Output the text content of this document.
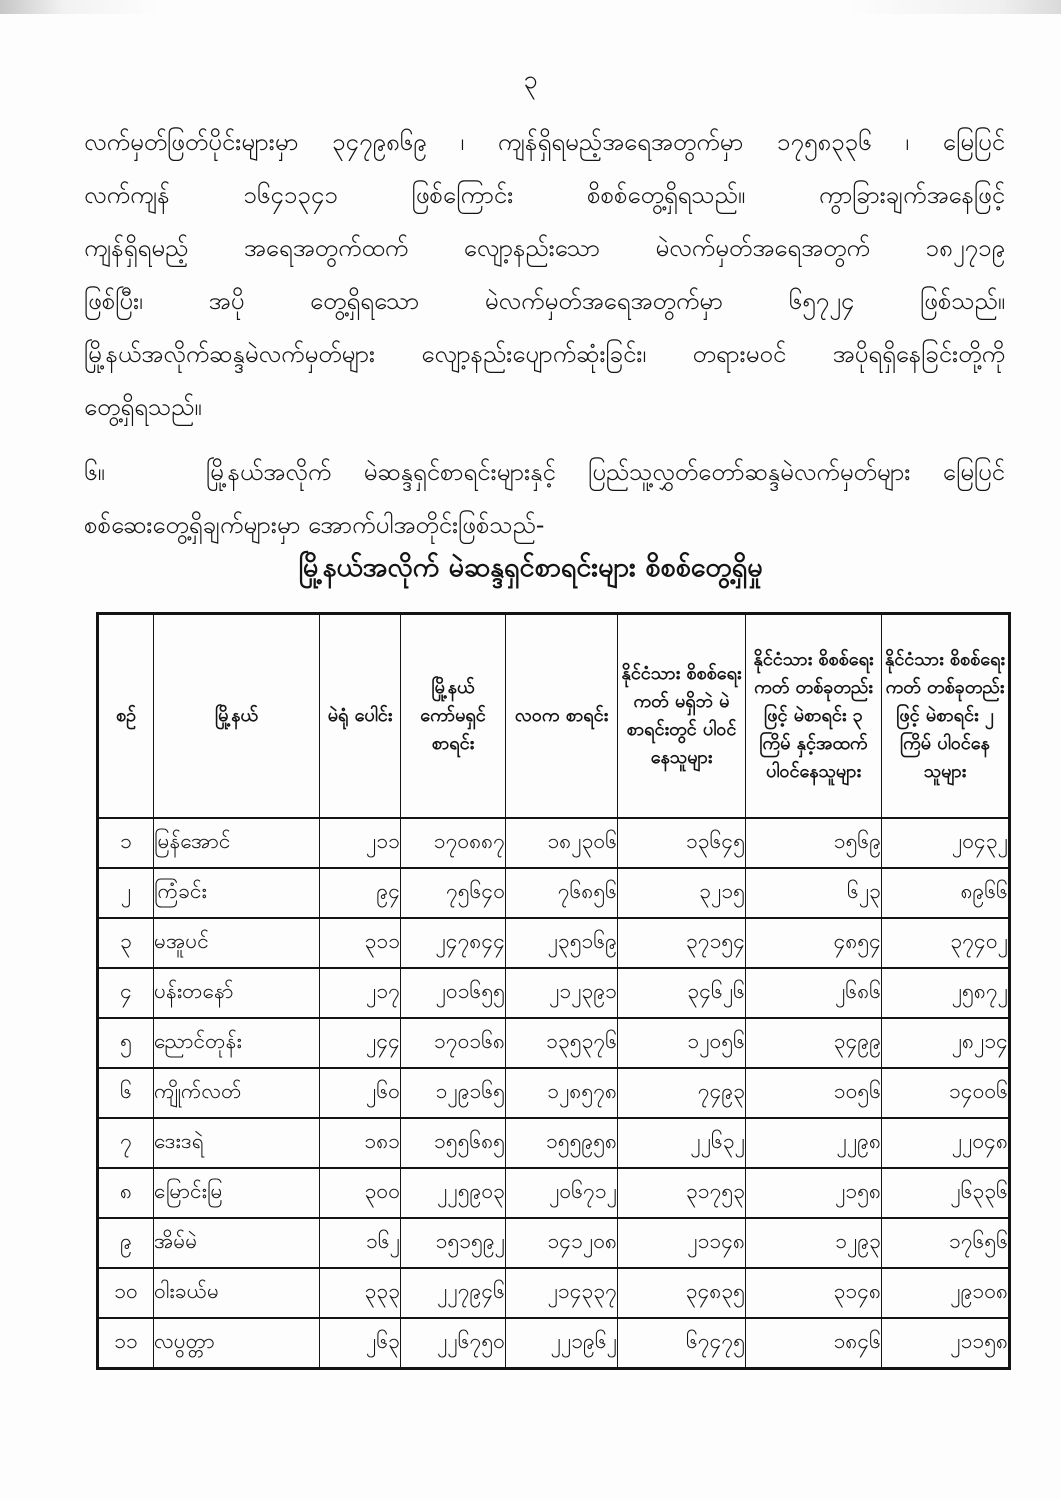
၃
လက်မှတ်ဖြတ်ပိုင်းများမှာ ၃၄၇၉၈၆၉ ၊ ကျန်ရှိရမည့်အရေအတွက်မှာ ၁၇၅၈၃၃၆ ၊ မြေပြင်
လက်ကျန် ၁၆၄၁၃၄၁ ဖြစ်ကြောင်း စိစစ်တွေ့ရှိရသည်။ ကွာခြားချက်အနေဖြင့်
ကျန်ရှိရမည့် အရေအတွက်ထက် လျော့နည်းသော မဲလက်မှတ်အရေအတွက် ၁၈၂၇၁၉
ဖြစ်ပြီး၊ အပို တွေ့ရှိရသော မဲလက်မှတ်အရေအတွက်မှာ ၆၅၇၂၄ ဖြစ်သည်။
မြို့နယ်အလိုက်ဆန္ဒမဲလက်မှတ်များ လျော့နည်းပျောက်ဆုံးခြင်း၊ တရားမဝင် အပိုရရှိနေခြင်းတို့ကို
တွေ့ရှိရသည်။
၆။	မြို့နယ်အလိုက် မဲဆန္ဒရှင်စာရင်းများနှင့် ပြည်သူ့လွှတ်တော်ဆန္ဒမဲလက်မှတ်များ မြေပြင်
စစ်ဆေးတွေ့ရှိချက်များမှာ အောက်ပါအတိုင်းဖြစ်သည်-
မြို့နယ်အလိုက် မဲဆန္ဒရှင်စာရင်းများ စိစစ်တွေ့ရှိမှု
စဉ်	မြို့နယ်	မဲရုံ ပေါင်း	မြို့နယ် ကော်မရှင် စာရင်း	လဝက စာရင်း	နိုင်ငံသား စိစစ်ရေးကတ် မရှိဘဲ မဲစာရင်းတွင် ပါဝင်နေသူများ	နိုင်ငံသား စိစစ်ရေးကတ် တစ်ခုတည်းဖြင့် မဲစာရင်း ၃ ကြိမ် နှင့်အထက် ပါဝင်နေသူများ	နိုင်ငံသား စိစစ်ရေးကတ် တစ်ခုတည်းဖြင့် မဲစာရင်း ၂ ကြိမ် ပါဝင်နေသူများ
၁	မြန်အောင်	၂၁၁	၁၇၀၈၈၇	၁၈၂၃၀၆	၁၃၆၄၅	၁၅၆၉	၂၀၄၃၂
၂	ကြံခင်း	၉၄	၇၅၆၄၀	၇၆၈၅၆	၃၂၁၅	၆၂၃	၈၉၆၆
၃	မအူပင်	၃၁၁	၂၄၇၈၄၄	၂၃၅၁၆၉	၃၇၁၅၄	၄၈၅၄	၃၇၄၀၂
၄	ပန်းတနော်	၂၁၇	၂၀၁၆၅၅	၂၁၂၃၉၁	၃၄၆၂၆	၂၆၈၆	၂၅၈၇၂
၅	ညောင်တုန်း	၂၄၄	၁၇၀၁၆၈	၁၃၅၃၇၆	၁၂၀၅၆	၃၄၉၉	၂၈၂၁၄
၆	ကျိုက်လတ်	၂၆၀	၁၂၉၁၆၅	၁၂၈၅၇၈	၇၄၉၃	၁၀၅၆	၁၄၀၀၆
၇	ဒေးဒရဲ	၁၈၁	၁၅၅၆၈၅	၁၅၅၉၅၈	၂၂၆၃၂	၂၂၉၈	၂၂၀၄၈
၈	မြောင်းမြ	၃၀၀	၂၂၅၉၀၃	၂၀၆၇၁၂	၃၁၇၅၃	၂၁၅၈	၂၆၃၃၆
၉	အိမ်မဲ	၁၆၂	၁၅၁၅၉၂	၁၄၁၂၀၈	၂၁၁၄၈	၁၂၉၃	၁၇၆၅၆
၁၀	ဝါးခယ်မ	၃၃၃	၂၂၇၉၄၆	၂၁၄၃၃၇	၃၄၈၃၅	၃၁၄၈	၂၉၁၀၈
၁၁	လပွတ္တာ	၂၆၃	၂၂၆၇၅၀	၂၂၁၉၆၂	၆၇၄၇၅	၁၈၄၆	၂၁၁၅၈
